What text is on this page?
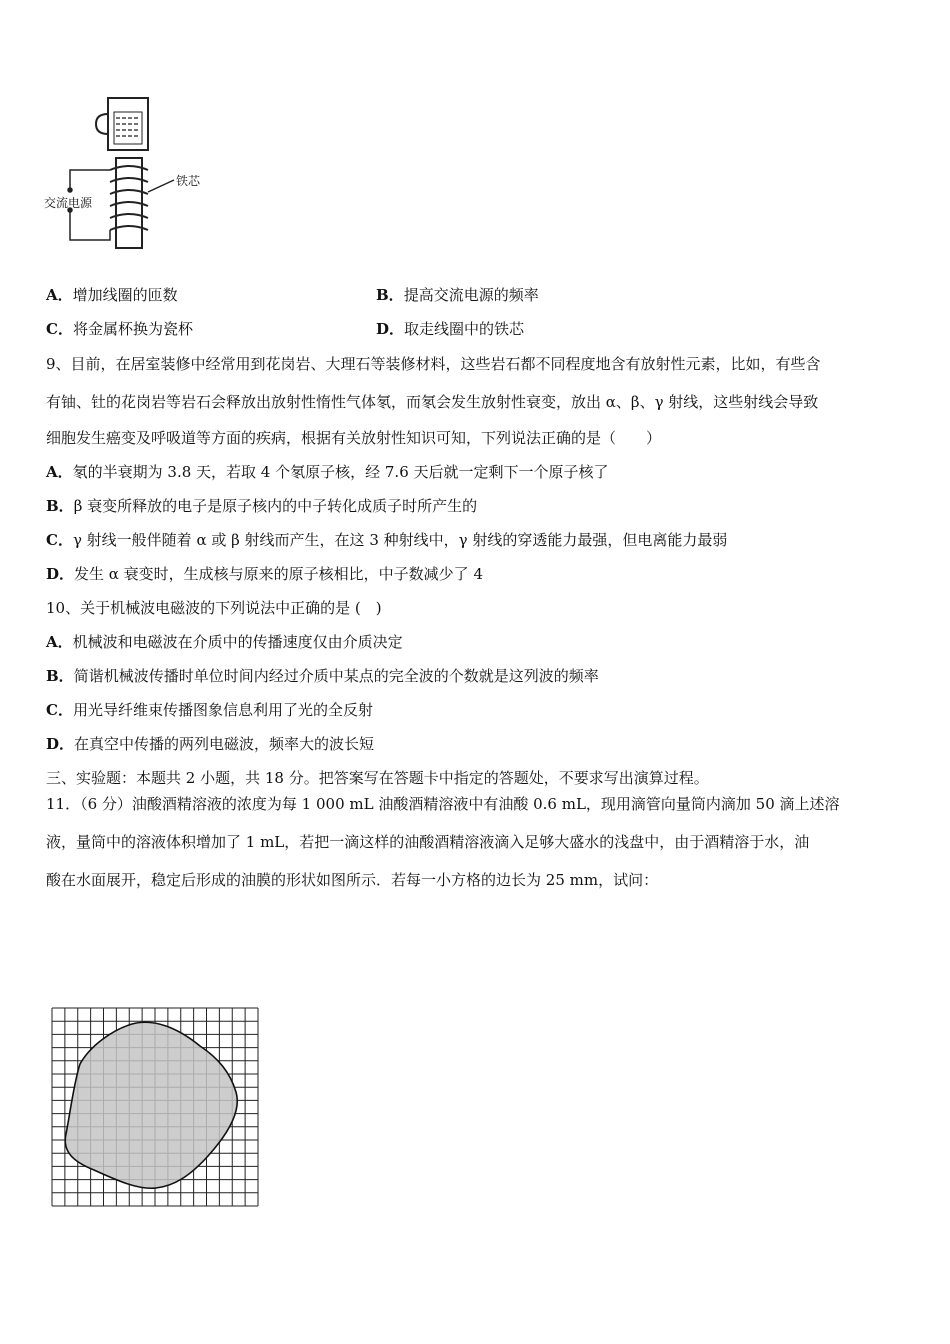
交流电源
铁芯
A．增加线圈的匝数	B．提高交流电源的频率
C．将金属杯换为瓷杯	D．取走线圈中的铁芯
9、目前，在居室装修中经常用到花岗岩、大理石等装修材料，这些岩石都不同程度地含有放射性元素，比如，有些含
有铀、钍的花岗岩等岩石会释放出放射性惰性气体氡，而氡会发生放射性衰变，放出 α、β、γ 射线，这些射线会导致
细胞发生癌变及呼吸道等方面的疾病，根据有关放射性知识可知，下列说法正确的是（　　）
A．氡的半衰期为 3.8 天，若取 4 个氡原子核，经 7.6 天后就一定剩下一个原子核了
B．β 衰变所释放的电子是原子核内的中子转化成质子时所产生的
C．γ 射线一般伴随着 α 或 β 射线而产生，在这 3 种射线中，γ 射线的穿透能力最强，但电离能力最弱
D．发生 α 衰变时，生成核与原来的原子核相比，中子数减少了 4
10、关于机械波电磁波的下列说法中正确的是 (　)
A．机械波和电磁波在介质中的传播速度仅由介质决定
B．简谐机械波传播时单位时间内经过介质中某点的完全波的个数就是这列波的频率
C．用光导纤维束传播图象信息利用了光的全反射
D．在真空中传播的两列电磁波，频率大的波长短
三、实验题：本题共 2 小题，共 18 分。把答案写在答题卡中指定的答题处，不要求写出演算过程。
11．（6 分）油酸酒精溶液的浓度为每 1 000 mL 油酸酒精溶液中有油酸 0.6 mL，现用滴管向量筒内滴加 50 滴上述溶
液，量筒中的溶液体积增加了 1 mL，若把一滴这样的油酸酒精溶液滴入足够大盛水的浅盘中，由于酒精溶于水，油
酸在水面展开，稳定后形成的油膜的形状如图所示．若每一小方格的边长为 25 mm，试问：
